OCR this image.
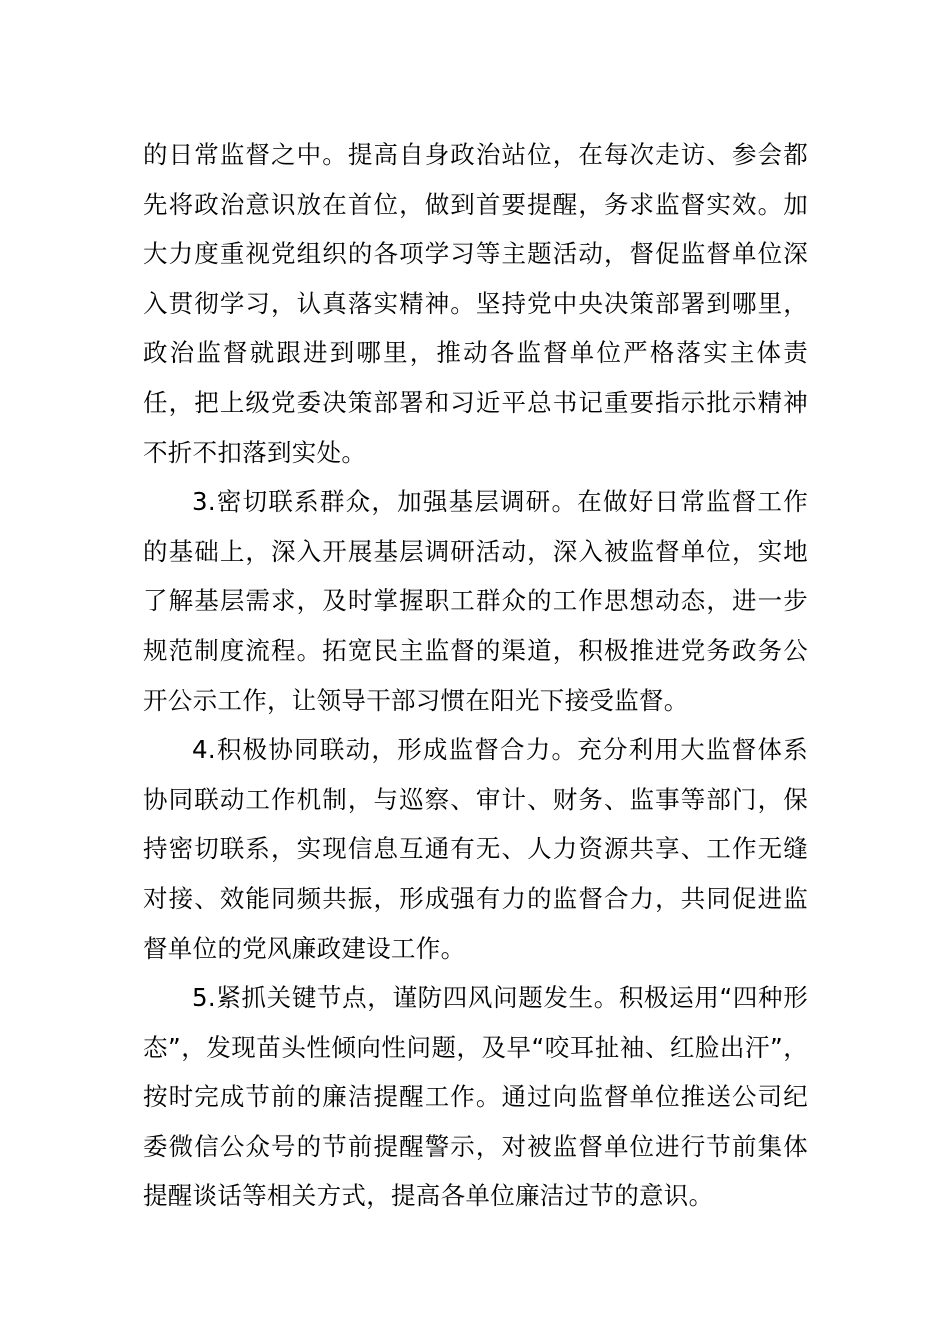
的日常监督之中。提高自身政治站位，在每次走访、参会都先将政治意识放在首位，做到首要提醒，务求监督实效。加大力度重视党组织的各项学习等主题活动，督促监督单位深入贯彻学习，认真落实精神。坚持党中央决策部署到哪里，政治监督就跟进到哪里，推动各监督单位严格落实主体责任，把上级党委决策部署和习近平总书记重要指示批示精神不折不扣落到实处。

3.密切联系群众，加强基层调研。在做好日常监督工作的基础上，深入开展基层调研活动，深入被监督单位，实地了解基层需求，及时掌握职工群众的工作思想动态，进一步规范制度流程。拓宽民主监督的渠道，积极推进党务政务公开公示工作，让领导干部习惯在阳光下接受监督。

4.积极协同联动，形成监督合力。充分利用大监督体系协同联动工作机制，与巡察、审计、财务、监事等部门，保持密切联系，实现信息互通有无、人力资源共享、工作无缝对接、效能同频共振，形成强有力的监督合力，共同促进监督单位的党风廉政建设工作。

5.紧抓关键节点，谨防四风问题发生。积极运用“四种形态”，发现苗头性倾向性问题，及早“咬耳扯袖、红脸出汗”，按时完成节前的廉洁提醒工作。通过向监督单位推送公司纪委微信公众号的节前提醒警示，对被监督单位进行节前集体提醒谈话等相关方式，提高各单位廉洁过节的意识。
